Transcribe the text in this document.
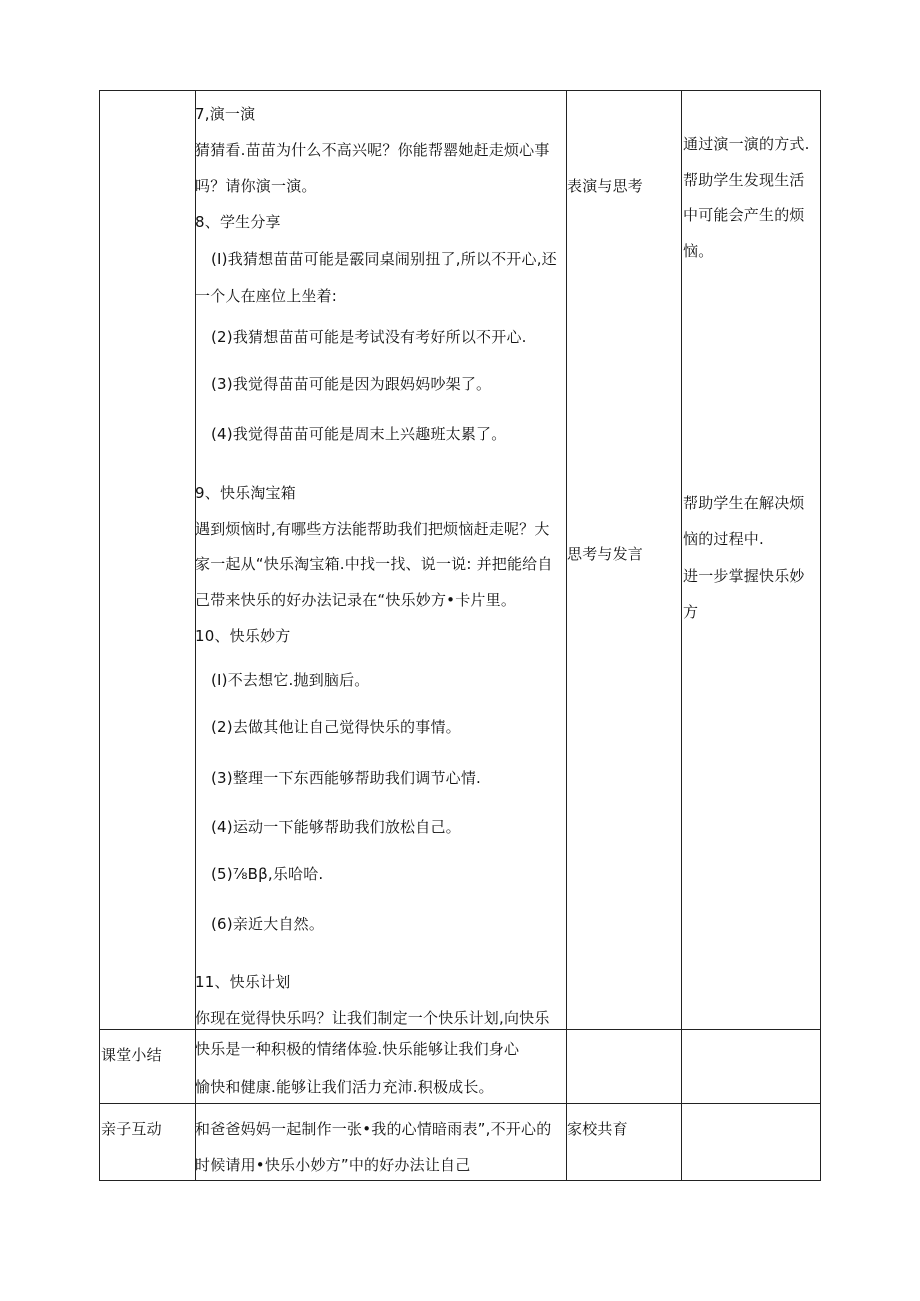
7,演一演
猜猜看.苗苗为什么不高兴呢？你能帮罂她赶走烦心事
吗？请你演一演。
8、学生分享
(I)我猜想苗苗可能是霰同桌闹别扭了,所以不开心,还
一个人在座位上坐着:
(2)我猜想苗苗可能是考试没有考好所以不开心.
(3)我觉得苗苗可能是因为跟妈妈吵架了。
(4)我觉得苗苗可能是周末上兴趣班太累了。
9、快乐淘宝箱
遇到烦恼时,有哪些方法能帮助我们把烦恼赶走呢？大
家一起从“快乐淘宝箱.中找一找、说一说: 并把能给自
己带来快乐的好办法记录在“快乐妙方•卡片里。
10、快乐妙方
(I)不去想它.抛到脑后。
(2)去做其他让自己觉得快乐的事情。
(3)整理一下东西能够帮助我们调节心情.
(4)运动一下能够帮助我们放松自己。
(5)⅞Bβ,乐哈哈.
(6)亲近大自然。
11、快乐计划
你现在觉得快乐吗？让我们制定一个快乐计划,向快乐
表演与思考
思考与发言
通过演一演的方式.
帮助学生发现生活
中可能会产生的烦
恼。
帮助学生在解决烦
恼的过程中.
进一步掌握快乐妙
方
课堂小结 快乐是一种积极的情绪体验.快乐能够让我们身心
愉快和健康.能够让我们活力充沛.积极成长。
亲子互动 和爸爸妈妈一起制作一张•我的心情暗雨表”,不开心的
时候请用•快乐小妙方”中的好办法让自己
家校共育
